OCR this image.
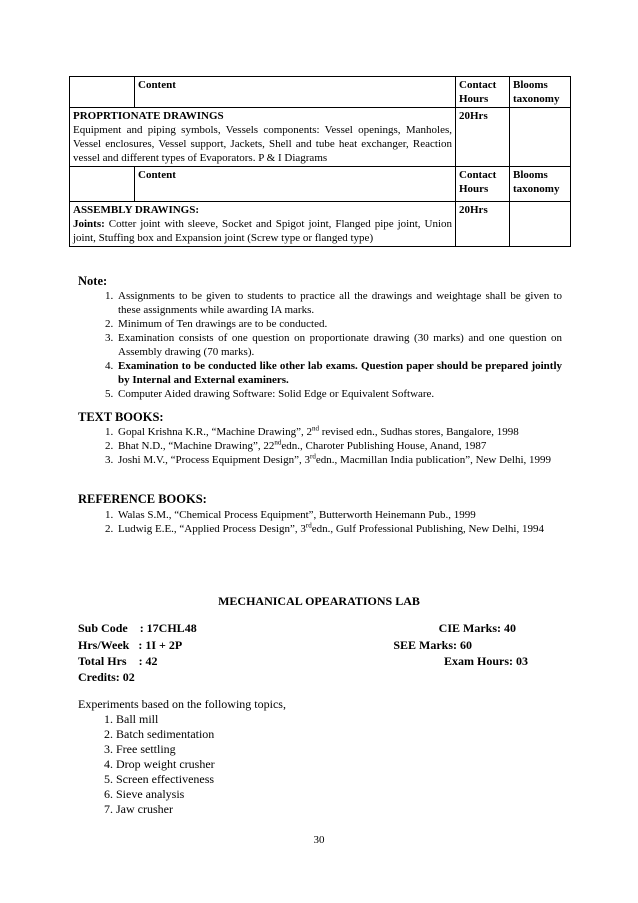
	Content	Contact Hours	Blooms taxonomy

PROPRTIONATE DRAWINGS
Equipment and piping symbols, Vessels components: Vessel openings, Manholes, Vessel enclosures, Vessel support, Jackets, Shell and tube heat exchanger, Reaction vessel and different types of Evaporators. P & I Diagrams		20Hrs	
	Content	Contact Hours	Blooms taxonomy

ASSEMBLY DRAWINGS:
Joints: Cotter joint with sleeve, Socket and Spigot joint, Flanged pipe joint, Union joint, Stuffing box and Expansion joint (Screw type or flanged type)		20Hrs	
Note:
1. Assignments to be given to students to practice all the drawings and weightage shall be given to these assignments while awarding IA marks.
2. Minimum of Ten drawings are to be conducted.
3. Examination consists of one question on proportionate drawing (30 marks) and one question on Assembly drawing (70 marks).
4. Examination to be conducted like other lab exams. Question paper should be prepared jointly by Internal and External examiners.
5. Computer Aided drawing Software: Solid Edge or Equivalent Software.
TEXT BOOKS:
1. Gopal Krishna K.R., “Machine Drawing”, 2nd revised edn., Sudhas stores, Bangalore, 1998
2. Bhat N.D., “Machine Drawing”, 22ndedn., Charoter Publishing House, Anand, 1987
3. Joshi M.V., “Process Equipment Design”, 3rdedn., Macmillan India publication”, New Delhi, 1999
REFERENCE BOOKS:
1. Walas S.M., “Chemical Process Equipment”, Butterworth Heinemann Pub., 1999
2. Ludwig E.E., “Applied Process Design”, 3rdedn., Gulf Professional Publishing, New Delhi, 1994
MECHANICAL OPEARATIONS LAB
Sub Code    : 17CHL48	CIE Marks: 40
Hrs/Week   : 1I + 2P	SEE Marks: 60
Total Hrs    : 42	Exam Hours: 03
Credits: 02
Experiments based on the following topics,
1. Ball mill
2. Batch sedimentation
3. Free settling
4. Drop weight crusher
5. Screen effectiveness
6. Sieve analysis
7. Jaw crusher
30
